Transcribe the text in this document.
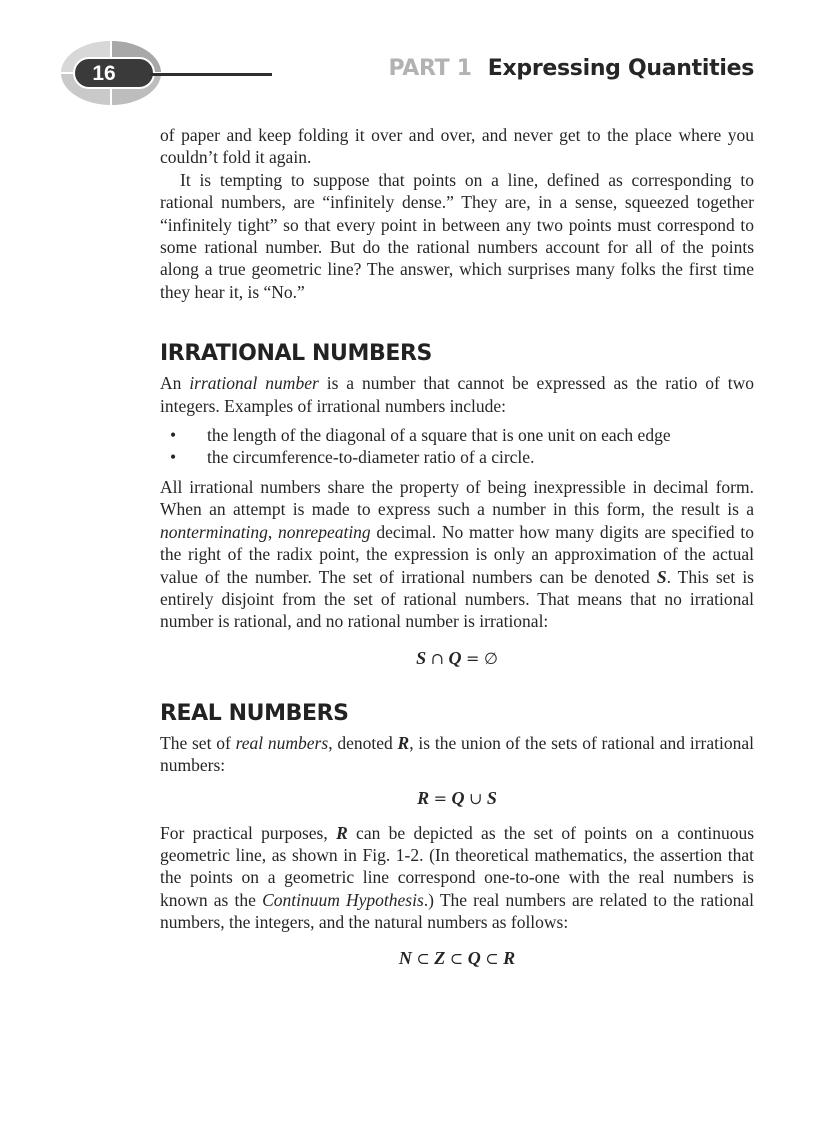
16	PART 1 Expressing Quantities

of paper and keep folding it over and over, and never get to the place where you couldn’t fold it again.

It is tempting to suppose that points on a line, defined as corresponding to rational numbers, are “infinitely dense.” They are, in a sense, squeezed together “infinitely tight” so that every point in between any two points must correspond to some rational number. But do the rational numbers account for all of the points along a true geometric line? The answer, which surprises many folks the first time they hear it, is “No.”

IRRATIONAL NUMBERS

An irrational number is a number that cannot be expressed as the ratio of two integers. Examples of irrational numbers include:

• the length of the diagonal of a square that is one unit on each edge
• the circumference-to-diameter ratio of a circle.

All irrational numbers share the property of being inexpressible in decimal form. When an attempt is made to express such a number in this form, the result is a nonterminating, nonrepeating decimal. No matter how many digits are specified to the right of the radix point, the expression is only an approximation of the actual value of the number. The set of irrational numbers can be denoted S. This set is entirely disjoint from the set of rational numbers. That means that no irrational number is rational, and no rational number is irrational:

S ∩ Q = ∅

REAL NUMBERS

The set of real numbers, denoted R, is the union of the sets of rational and irrational numbers:

R = Q ∪ S

For practical purposes, R can be depicted as the set of points on a continuous geometric line, as shown in Fig. 1-2. (In theoretical mathematics, the assertion that the points on a geometric line correspond one-to-one with the real numbers is known as the Continuum Hypothesis.) The real numbers are related to the rational numbers, the integers, and the natural numbers as follows:

N ⊂ Z ⊂ Q ⊂ R
